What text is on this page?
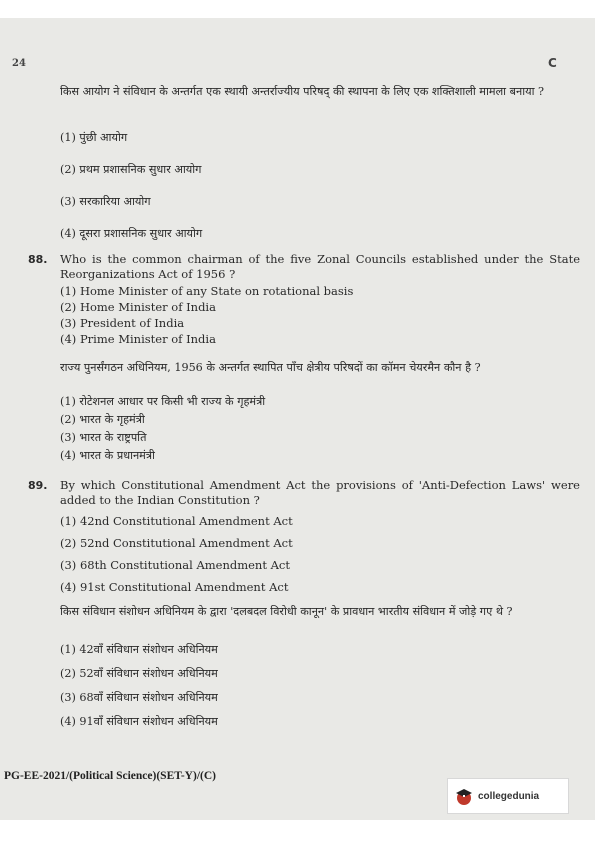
24	C
किस आयोग ने संविधान के अन्तर्गत एक स्थायी अन्तर्राज्यीय परिषद् की स्थापना के लिए एक शक्तिशाली मामला बनाया ?
(1) पुंछी आयोग
(2) प्रथम प्रशासनिक सुधार आयोग
(3) सरकारिया आयोग
(4) दूसरा प्रशासनिक सुधार आयोग
88. Who is the common chairman of the five Zonal Councils established under the State Reorganizations Act of 1956 ?
(1) Home Minister of any State on rotational basis
(2) Home Minister of India
(3) President of India
(4) Prime Minister of India
राज्य पुनर्संगठन अधिनियम, 1956 के अन्तर्गत स्थापित पाँच क्षेत्रीय परिषदों का कॉमन चेयरमैन कौन है ?
(1) रोटेशनल आधार पर किसी भी राज्य के गृहमंत्री
(2) भारत के गृहमंत्री
(3) भारत के राष्ट्रपति
(4) भारत के प्रधानमंत्री
89. By which Constitutional Amendment Act the provisions of 'Anti-Defection Laws' were added to the Indian Constitution ?
(1) 42nd Constitutional Amendment Act
(2) 52nd Constitutional Amendment Act
(3) 68th Constitutional Amendment Act
(4) 91st Constitutional Amendment Act
किस संविधान संशोधन अधिनियम के द्वारा 'दलबदल विरोधी कानून' के प्रावधान भारतीय संविधान में जोड़े गए थे ?
(1) 42वाँ संविधान संशोधन अधिनियम
(2) 52वाँ संविधान संशोधन अधिनियम
(3) 68वाँ संविधान संशोधन अधिनियम
(4) 91वाँ संविधान संशोधन अधिनियम
PG-EE-2021/(Political Science)(SET-Y)/(C)
collegedunia
